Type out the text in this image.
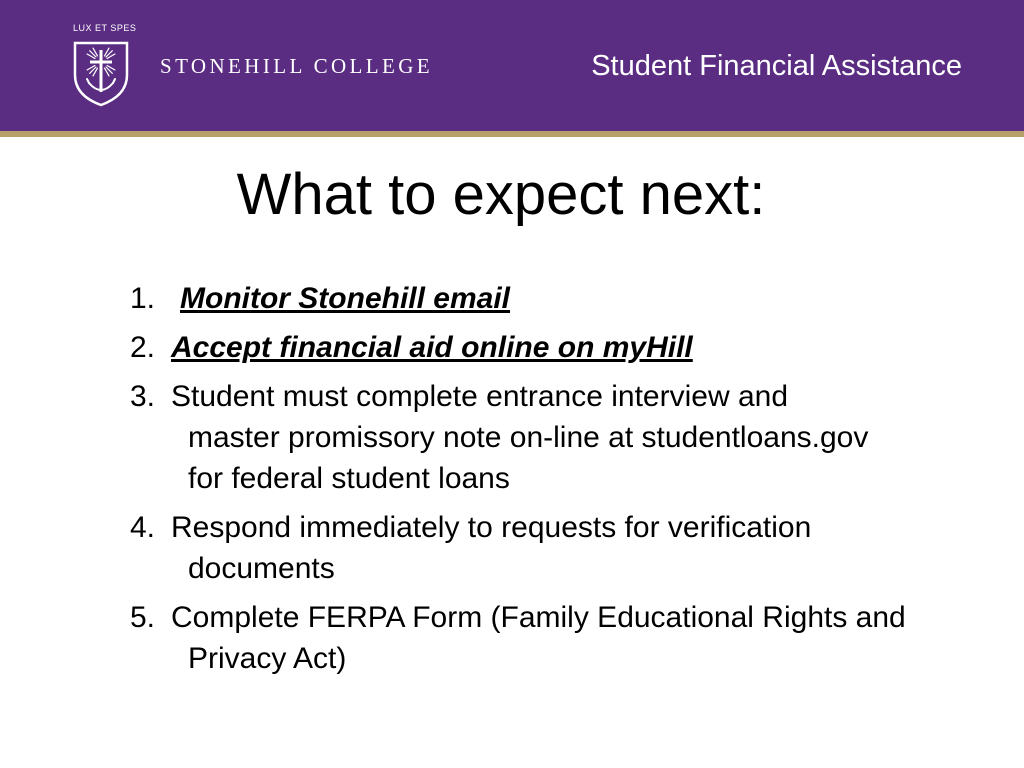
LUX ET SPES
STONEHILL COLLEGE	Student Financial Assistance
What to expect next:
1. Monitor Stonehill email
2. Accept financial aid online on myHill
3. Student must complete entrance interview and
master promissory note on-line at studentloans.gov
for federal student loans
4. Respond immediately to requests for verification
documents
5. Complete FERPA Form (Family Educational Rights and
Privacy Act)
